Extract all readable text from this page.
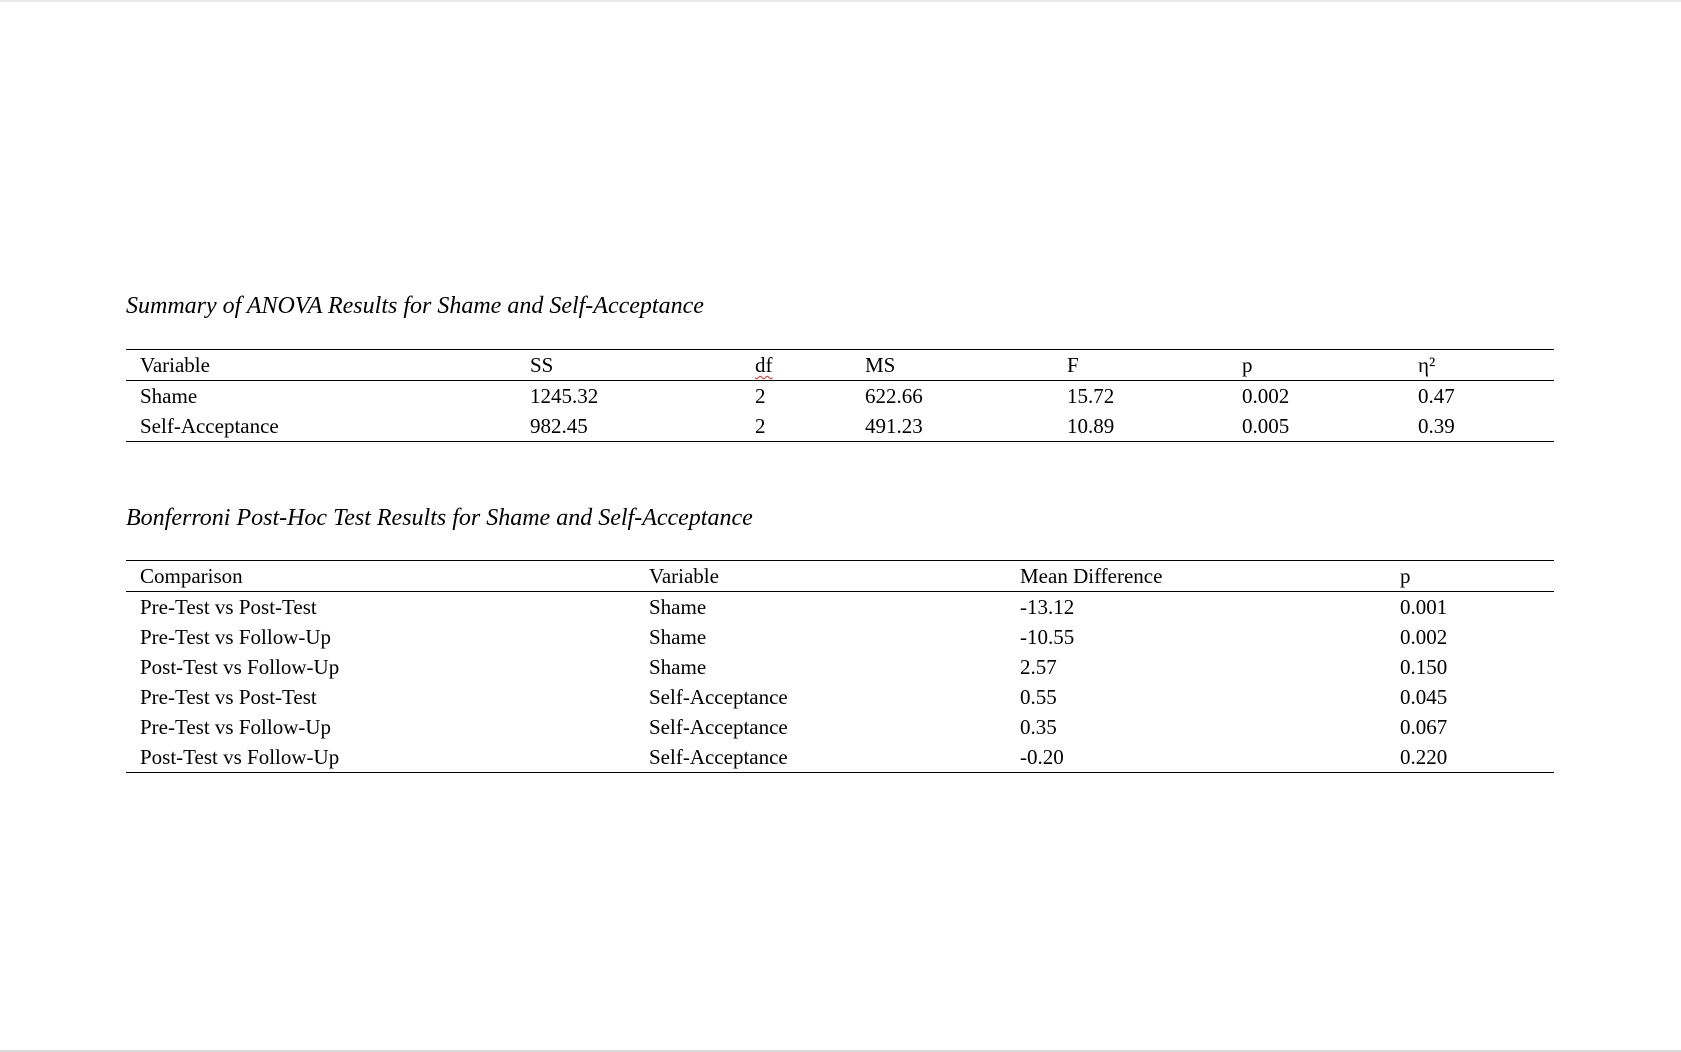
Summary of ANOVA Results for Shame and Self-Acceptance
Variable	SS	df	MS	F	p	η²
Shame	1245.32	2	622.66	15.72	0.002	0.47
Self-Acceptance	982.45	2	491.23	10.89	0.005	0.39
Bonferroni Post-Hoc Test Results for Shame and Self-Acceptance
Comparison	Variable	Mean Difference	p
Pre-Test vs Post-Test	Shame	-13.12	0.001
Pre-Test vs Follow-Up	Shame	-10.55	0.002
Post-Test vs Follow-Up	Shame	2.57	0.150
Pre-Test vs Post-Test	Self-Acceptance	0.55	0.045
Pre-Test vs Follow-Up	Self-Acceptance	0.35	0.067
Post-Test vs Follow-Up	Self-Acceptance	-0.20	0.220
